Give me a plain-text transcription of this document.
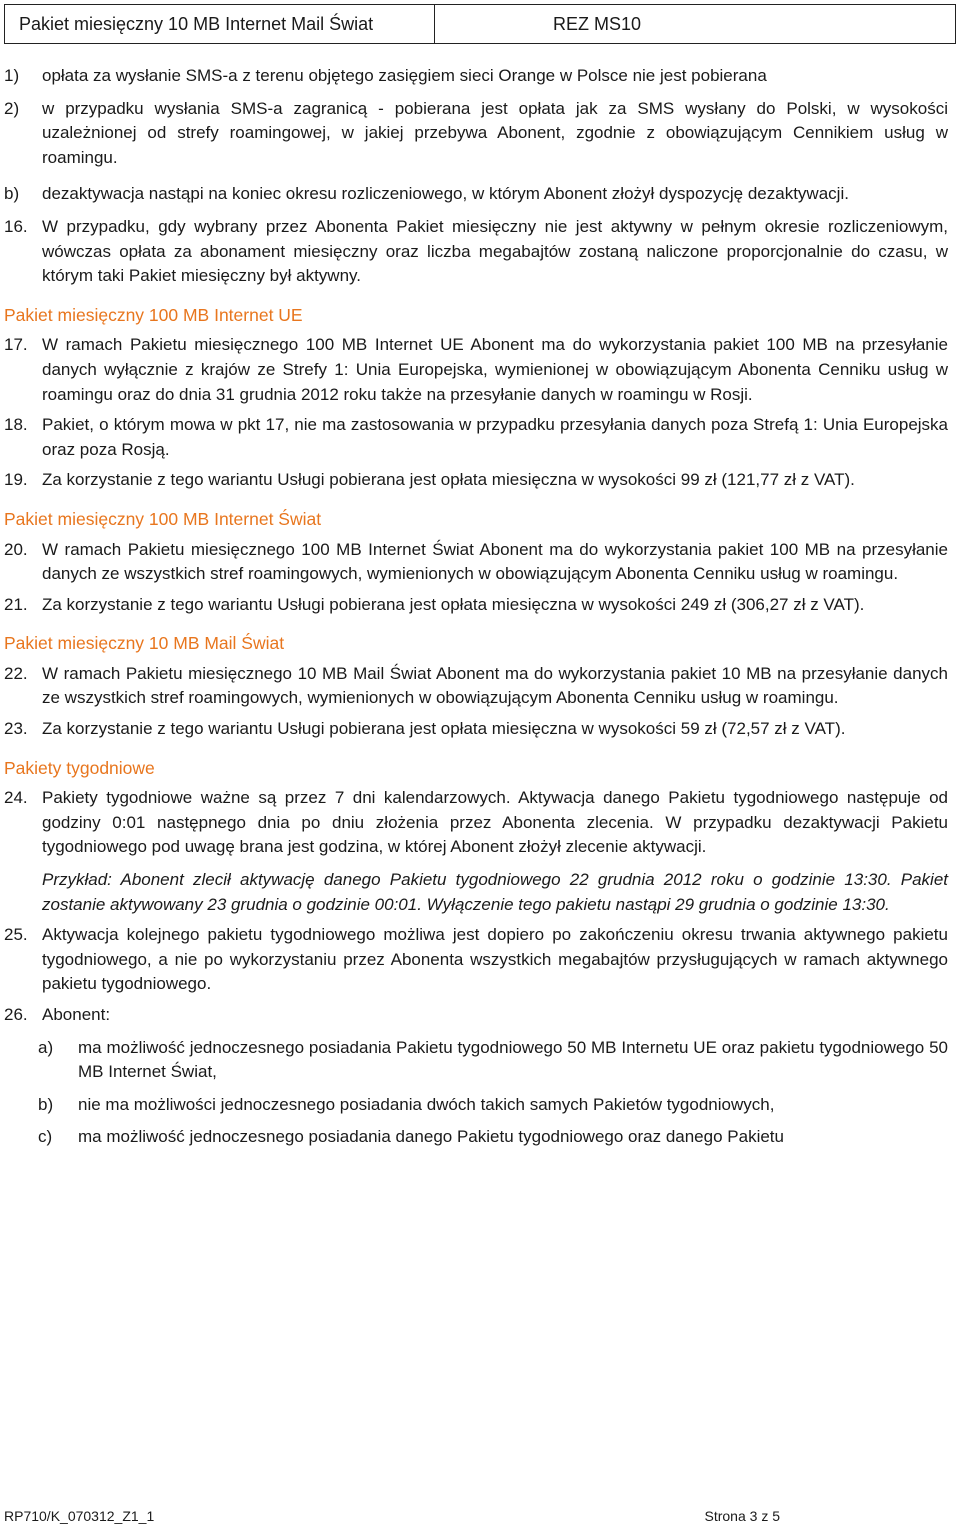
Pakiet miesięczny 10 MB Internet Mail Świat	REZ MS10
1) opłata za wysłanie SMS-a z terenu objętego zasięgiem sieci Orange w Polsce nie jest pobierana
2) w przypadku wysłania SMS-a zagranicą - pobierana jest opłata jak za SMS wysłany do Polski, w wysokości uzależnionej od strefy roamingowej, w jakiej przebywa Abonent, zgodnie z obowiązującym Cennikiem usług w roamingu.
b) dezaktywacja nastąpi na koniec okresu rozliczeniowego, w którym Abonent złożył dyspozycję dezaktywacji.
16. W przypadku, gdy wybrany przez Abonenta Pakiet miesięczny nie jest aktywny w pełnym okresie rozliczeniowym, wówczas opłata za abonament miesięczny oraz liczba megabajtów zostaną naliczone proporcjonalnie do czasu, w którym taki Pakiet miesięczny był aktywny.
Pakiet miesięczny 100 MB Internet UE
17. W ramach Pakietu miesięcznego 100 MB Internet UE Abonent ma do wykorzystania pakiet 100 MB na przesyłanie danych wyłącznie z krajów ze Strefy 1: Unia Europejska, wymienionej w obowiązującym Abonenta Cenniku usług w roamingu oraz do dnia 31 grudnia 2012 roku także na przesyłanie danych w roamingu w Rosji.
18. Pakiet, o którym mowa w pkt 17, nie ma zastosowania w przypadku przesyłania danych poza Strefą 1: Unia Europejska oraz poza Rosją.
19. Za korzystanie z tego wariantu Usługi pobierana jest opłata miesięczna w wysokości 99 zł (121,77 zł z VAT).
Pakiet miesięczny 100 MB Internet Świat
20. W ramach Pakietu miesięcznego 100 MB Internet Świat Abonent ma do wykorzystania pakiet 100 MB na przesyłanie danych ze wszystkich stref roamingowych, wymienionych w obowiązującym Abonenta Cenniku usług w roamingu.
21. Za korzystanie z tego wariantu Usługi pobierana jest opłata miesięczna w wysokości 249 zł (306,27 zł z VAT).
Pakiet miesięczny 10 MB Mail Świat
22. W ramach Pakietu miesięcznego 10 MB Mail Świat Abonent ma do wykorzystania pakiet 10 MB na przesyłanie danych ze wszystkich stref roamingowych, wymienionych w obowiązującym Abonenta Cenniku usług w roamingu.
23. Za korzystanie z tego wariantu Usługi pobierana jest opłata miesięczna w wysokości 59 zł (72,57 zł z VAT).
Pakiety tygodniowe
24. Pakiety tygodniowe ważne są przez 7 dni kalendarzowych. Aktywacja danego Pakietu tygodniowego następuje od godziny 0:01 następnego dnia po dniu złożenia przez Abonenta zlecenia. W przypadku dezaktywacji Pakietu tygodniowego pod uwagę brana jest godzina, w której Abonent złożył zlecenie aktywacji.
Przykład: Abonent zlecił aktywację danego Pakietu tygodniowego 22 grudnia 2012 roku o godzinie 13:30. Pakiet zostanie aktywowany 23 grudnia o godzinie 00:01. Wyłączenie tego pakietu nastąpi 29 grudnia o godzinie 13:30.
25. Aktywacja kolejnego pakietu tygodniowego możliwa jest dopiero po zakończeniu okresu trwania aktywnego pakietu tygodniowego, a nie po wykorzystaniu przez Abonenta wszystkich megabajtów przysługujących w ramach aktywnego pakietu tygodniowego.
26. Abonent:
a) ma możliwość jednoczesnego posiadania Pakietu tygodniowego 50 MB Internetu UE oraz pakietu tygodniowego 50 MB Internet Świat,
b) nie ma możliwości jednoczesnego posiadania dwóch takich samych Pakietów tygodniowych,
c) ma możliwość jednoczesnego posiadania danego Pakietu tygodniowego oraz danego Pakietu
RP710/K_070312_Z1_1	Strona 3 z 5
